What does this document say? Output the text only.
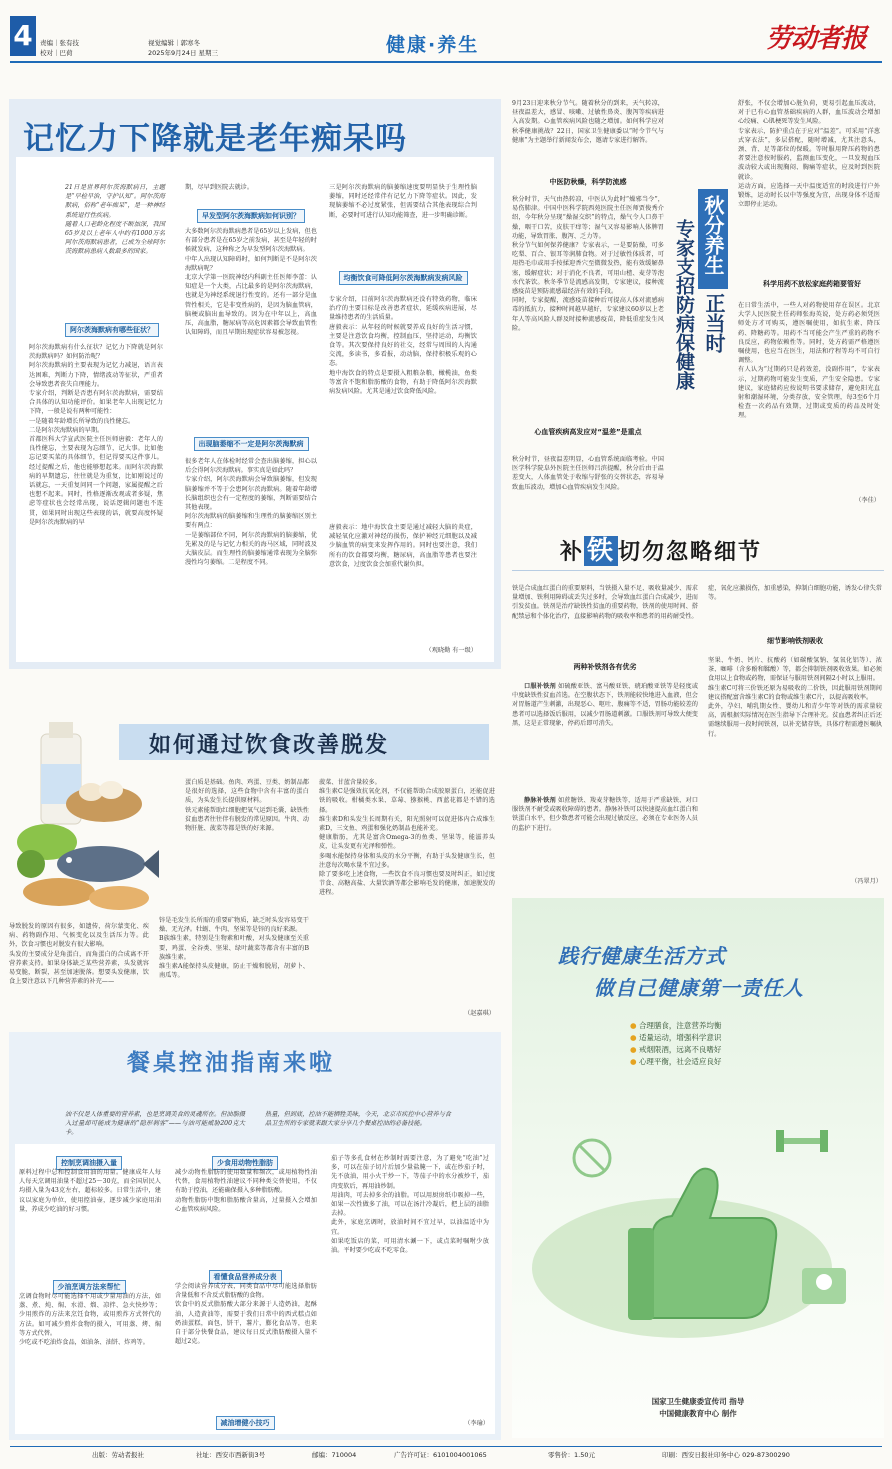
4	责编｜张有技
校对｜巴荷
视觉编辑｜郭寒冬
2025年9月24日 星期三	健康·养生	劳动者报
记忆力下降就是老年痴呆吗
21日是世界阿尔茨海默病日，主题是“早检早治，守护认知”。阿尔茨海默病，俗称“老年痴呆”，是一种神经系统退行性疾病。
随着人口老龄化程度不断加深，我国65岁及以上老年人中约有1000万名阿尔茨海默病患者，已成为全球阿尔茨海默病患病人数最多的国家。
阿尔茨海默病有哪些征状？
阿尔茨海默病有什么征状？记忆力下降就是阿尔茨海默病吗？如何防治呢？
阿尔茨海默病的主要表现为记忆力减退，语言表达困难，判断力下降，情绪波动等征状，严重者会导致患者丧失自理能力。
专家介绍，判断是否患有阿尔茨海默病，需要结合具体的认知功能评价。如果老年人出现记忆力下降，一般是说有两种可能性：
一是随着年龄增长所导致的良性健忘。
二是阿尔茨海默病的早期。
首都医科大学宣武医院主任医师唐毅：老年人的良性健忘，主要表现为忘细节，记大事。比如他忘记要买菜的具体细节，但记得要买这件事儿。经过提醒之后，他也能够想起来。而阿尔茨海默病的早期遗忘，往往就是为重复，比如刚说过的话就忘，一天重复问同一个问题，家属提醒之后也想不起来。同时，性格逐渐改观或者多疑，焦虑等症状也会经常出现，说话逻辑问题也不连贯，如果同时出现这些表现的话，就要高度怀疑是阿尔茨海默病的早
期，尽早到医院去就诊。
早发型阿尔茨海默病如何识别？
大多数阿尔茨海默病患者是65岁以上发病，但也有部分患者是在65岁之前发病，甚至是年轻的时候就发病，这种称之为早发型阿尔茨海默病。
中年人出现认知障碍时，如何判断是不是阿尔茨海默病呢？
北京大学第一医院神经内科副主任医师李蕾：认知症是一个大类，占比最多的是阿尔茨海默病，也就是为神经系统退行性变的。还有一部分是血管性相关，它是非变性病的，是因为脑血管病，脑梗或脑出血导致的。因为在中年以上，高血压，高血脂，糖尿病等高危因素都会导致血管性认知障碍，而且早期出现症状容易被忽视。
出现脑萎缩不一定是阿尔茨海默病
很多老年人在体检时经常会查出脑萎缩，担心以后会得阿尔茨海默病。事实真是如此吗？
专家介绍，阿尔茨海默病会导致脑萎缩，但发现脑萎缩并不等于会患阿尔茨海默病。随着年龄增长脑组织也会有一定程度的萎缩，判断需要结合其他表现。
阿尔茨海默病的脑萎缩和生理性的脑萎缩区别主要有两点：
一是萎缩部位不同，阿尔茨海默病的脑萎缩，优先累及的是与记忆力相关的海马区域，同时波及大脑皮层。而生理性的脑萎缩通常表现为全脑弥漫性均匀萎缩。二是程度不同。
三是阿尔茨海默病的脑萎缩速度要明显快于生理性脑萎缩，同时还经常伴有记忆力下降等症状。因此，发现脑萎缩不必过度紧张，但需要结合其他表现综合判断，必要时可进行认知功能筛查，进一步明确诊断。
均衡饮食可降低阿尔茨海默病发病风险
专家介绍，目前阿尔茨海默病还没有特效药物，临床治疗的主要目标是改善患者症状，延缓疾病进展，尽量维持患者的生活质量。
唐毅表示：从年轻的时候就要养成良好的生活习惯，主要是注意饮食均衡，控制血压，坚持运动，均衡饮食等。其次要保持良好的社交，经常与周围的人沟通交流，多读书，多看报，动动脑，保持积极乐观的心态。
地中海饮食的特点是要摄入粗粮杂粮，橄榄油，鱼类等富含不饱和脂肪酸的食物，有助于降低阿尔茨海默病发病风险。尤其是通过饮食降低风险。
唐毅表示：地中海饮食主要是通过减轻大脑的炎症，减轻氧化应激对神经的损伤，保护神经元细胞以及减少脑血管的病变来发挥作用的。同时也要注意，我们所有的饮食都要均衡，糖尿病，高血脂等患者也要注意饮食，过度饮食会加重代谢负担。
（观晓勤 有一级）
9月23日迎来秋分节气。随着秋分的到来，天气转凉，昼夜温差大，感冒、咳嗽、过敏性鼻炎、腹泻等疾病进入高发期。心血管疾病风险也随之增加。如何科学应对秋季健康挑战？22日，国家卫生健康委以“时令节气与健康”为主题举行新闻发布会，邀请专家进行解答。
中医防秋燥，科学防流感
秋分时节，天气由热转凉，中医认为此时“燥邪当令”，易伤肺津。中国中医科学院西苑医院主任医师贾俊秀介绍，今年秋分呈现“燥湿交织”的特点，燥气令人口鼻干燥，咽干口苦，皮肤干痒等；湿气又容易影响人体脾胃功能，导致胃胀、腹泻、乏力等。
秋分节气如何保养健康？专家表示，一是要防燥，可多吃梨、百合、银耳等润肺食物。对于过敏性体质者，可用热毛巾或用手按揉迎香穴至微微发热，能有效缓解鼻塞，缓解症状；对于消化不良者，可用山楂、麦芽等泡水代茶饮。秋冬季节是流感高发期，专家建议，接种流感疫苗是预防流感最经济有效的手段。
同时，专家提醒，流感疫苗接种后可提高人体对流感病毒的抵抗力，接种时间越早越好，专家建议60岁以上老年人等高风险人群及时接种流感疫苗，降低重症发生风险。
心血管疾病高发应对“温差”是重点
秋分时节，昼夜温差明显，心血管系统面临考验。中国医学科学院阜外医院主任医师吕滨提醒，秋分后由于温差变大，人体血管处于收缩与舒张的交替状态，容易导致血压波动，增加心血管疾病发生风险。
秋分养生
正当时
专家支招防病保健康
舒张，不仅会增加心脏负荷，更易引起血压波动，对于已有心血管基础疾病的人群，血压波动会增加心绞痛、心肌梗死等发生风险。
专家表示，防护重点在于应对“温差”。可采用“洋葱式穿衣法”，多层搭配，随时增减，尤其注意头，颈、背、足等部位的保暖。等时服用降压药物的患者要注意按时服药，监测血压变化，一旦发现血压波动较大或出现胸闷、胸痛等症状，应及时到医院就诊。
运动方面，应选择一天中温度适宜的时段进行户外锻炼，运动时长以中等强度为宜，出现身体不适需立即停止运动。
科学用药不放松家庭药箱要管好
在日常生活中，一些人对药物使用存在误区。北京大学人民医院主任药师张海英说，处方药必须凭医师处方才可购买，遵医嘱使用，如抗生素、降压药、降糖药等。用药不当可能会产生严重的药物不良反应，药物依赖性等。同时，处方药需严格遵医嘱使用，也应当在医生，用法和疗程等均不可自行调整。
有人认为“过期药只是药效差，没副作用”，专家表示，过期药物可能发生变质，产生安全隐患。专家建议，家庭储药应按说明书要求储存，避免阳光直射和潮湿环境，分类存放，安全管理，每3至6个月检查一次药品有效期，过期或变质的药品及时处理。
（李佳）
补 铁 切勿忽略细节
铁是合成血红蛋白的重要原料，当铁摄入量不足、吸收量减少、需求量增加、铁利用障碍或丢失过多时，会导致血红蛋白合成减少，进而引发贫血。铁剂是治疗缺铁性贫血的重要药物，铁剂的使用时间、搭配禁忌和个体化治疗，直接影响药物的吸收率和患者的用药耐受性。
两种补铁剂各有优劣
口服补铁剂 如硫酸亚铁、富马酸亚铁、琥珀酸亚铁等是轻度或中度缺铁性贫血首选。在空腹状态下，铁剂能较快地进入血液，但会对胃肠道产生刺激，出现恶心、呕吐、腹痛等不适，胃肠功能较差的患者可以选择饭后服用，以减少胃肠道刺激。口服铁剂可导致大便变黑，这是正常现象，停药后即可消失。
静脉补铁剂 如蔗糖铁、羧麦芽糖铁等，适用于严重缺铁、对口服铁剂不耐受或吸收障碍的患者。静脉补铁可以快速提高血红蛋白和铁蛋白水平，但少数患者可能会出现过敏反应，必须在专业医务人员的监护下进行。
症，氧化应激损伤，加重感染，抑制白细胞功能，诱发心律失常等。
细节影响铁剂吸收
坚果、牛奶、钙片、抗酸药（如碳酸氢钠、氢氧化铝等）、浓茶、咖啡（含多酚和鞣酸）等，都会抑制铁剂吸收效果。如必须食用以上食物或药物，需保证与服用铁剂间隔2小时以上服用。
维生素C可将三价铁还原为易吸收的二价铁，因此服用铁剂期间建议搭配富含维生素C的食物或维生素C片，以提高吸收率。
此外，孕妇、哺乳期女性、婴幼儿和青少年等对铁的需求量较高，需根据实际情况在医生指导下合理补充。贫血患者纠正后还需继续服用一段时间铁剂，以补充储存铁，具体疗程需遵医嘱执行。
（冯翠月）
如何通过饮食改善脱发
导致脱发的原因有很多，如遗传，荷尔蒙变化、疾病、药物副作用、气候变化以及生活压力等。此外，饮食习惯也对脱发有很大影响。
头发的主要成分是角蛋白，而角蛋白的合成离不开营养素支持。如果身体缺乏某些营养素，头发就容易变脆，断裂，甚至加速脱落。想要头发健康，饮食上要注意以下几种营养素的补充——
蛋白质是基础。鱼肉、鸡蛋、豆类、奶制品都是很好的选择，这些食物中含有丰富的蛋白质，为头发生长提供原材料。
铁元素能帮助红细胞把氧气运到毛囊，缺铁性贫血患者往往伴有脱发的常见原因。牛肉、动物肝脏、菠菜等都是铁的好来源。
锌是毛发生长所需的重要矿物质，缺乏时头发容易变干燥、无光泽。牡蛎、牛肉、坚果等是锌的良好来源。
B族维生素，特别是生物素和叶酸，对头发健康至关重要，鸡蛋、全谷类、坚果、绿叶蔬菜等都含有丰富的B族维生素。
维生素A能保持头皮健康，防止干燥和脱屑，胡萝卜、南瓜等。
菠菜、甘蓝含量较多。
维生素C是强效抗氧化剂，不仅能帮助合成胶原蛋白，还能促进铁的吸收。柑橘类水果、草莓、猕猴桃、西蓝花都是不错的选择。
维生素D和头发生长周期有关，阳光照射可以促进体内合成维生素D，三文鱼、鸡蛋和强化奶制品也能补充。
健康脂肪，尤其是富含Omega-3的鱼类、坚果等，能滋养头皮，让头发更有光泽和弹性。
多喝水能保持身体和头皮的水分平衡，有助于头发健康生长，但注意每次喝水量不宜过多。
除了要多吃上述食物，一些饮食不良习惯也要及时纠正，如过度节食、高糖高盐、大量饮酒等都会影响毛发的健康，加速脱发的进程。
（赵嘉琪）
餐桌控油指南来啦
油不仅是人体重要的营养素，也是烹调美食的灵魂所在。但油脂摄入过量却可能成为健康的“隐形刺客”——与油可能威胁200克大卡。
热量，但到底，控油不能牺牲美味，今天，北京市疾控中心营养与食品卫生所的专家就来跟大家分享几个餐桌控油的必备技能。
控制烹调油摄入量
原料过程中总和控制食用油的用量。健康成年人每人每天烹调用油量不超过25～30克，而全国居民人均摄入量为43克左右，超标较多。日常生活中，建议以家庭为单位，使用控油壶，逐步减少家庭用油量，养成少吃油的好习惯。
少油烹调方法来帮忙
烹调食物时尽可能选择不用或少量用油的方法，如蒸、煮、炖、焖、水滑、熘、凉拌、急火快炒等；少用煎炸的方法来烹饪食物，或用煎炸方式替代的方法。如可减少煎炸食物的摄入，可用蒸、烤、焖等方式代替。
少吃或不吃油炸食品，如油条、油饼、炸鸡等。
少食用动物性脂肪
减少动物性脂肪的使用数量和频次，或用植物性油代替，食用植物性油建议不同种类交替使用，不仅有助于控油，还能确保摄入多种脂肪酸。
动物性脂肪中饱和脂肪酸含量高，过量摄入会增加心血管疾病风险。
看懂食品营养成分表
学会阅读营养成分表，同类食品中尽可能选择脂肪含量低和不含反式脂肪酸的食物。
饮食中的反式脂肪酸大部分来源于人造奶油，起酥油，人造黄油等，需要于我们日常中的西式糕点如奶油蛋糕，面包，饼干，薯片，膨化食品等，也来自于部分快餐食品，建议每日反式脂肪酸摄入量不超过2克。
减油增健小技巧
茄子等多孔食材在炒制时需要注意，为了避免“吃油”过多，可以在茄子切片后加少量盐腌一下，或在炒茄子时，先不放油，用小火干炒一下，等茄子中的水分被炒干，茄肉变软后，再用油炒制。
用油肉，可去掉多余的油脂。可以用厨房纸巾吸掉一些，如果一次性做多了油，可以在汤汁冷凝后，把上层的油脂去掉。
此外，家庭烹调时，放油时间不宜过早，以油温适中为宜。
如果吃饭店的菜，可用清水涮一下，或点菜时嘱咐少放油。平时要少吃或不吃零食。
（李瑜）
践行健康生活方式
做自己健康第一责任人
● 合理膳食，注意营养均衡
● 适量运动，增强科学意识
● 戒烟限酒，远离不良嗜好
● 心理平衡，社会适应良好
国家卫生健康委宣传司 指导
中国健康教育中心 制作
出版：劳动者报社	社址：西安市西新街3号	邮编：710004	广告许可证：6101004001065	零售价：1.50元	印刷：西安日报社印务中心 029-87300290
